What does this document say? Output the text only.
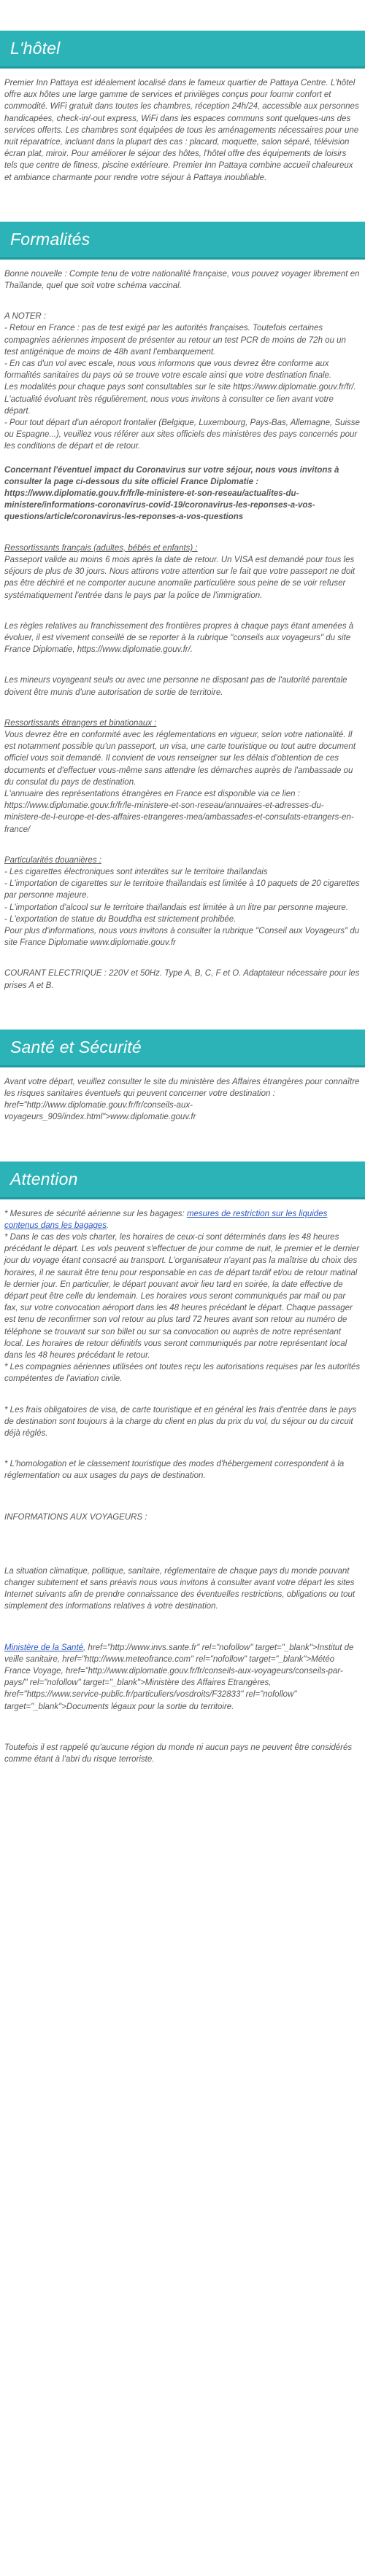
L'hôtel

Premier Inn Pattaya est idéalement localisé dans le fameux quartier de Pattaya Centre. L'hôtel offre aux hôtes une large gamme de services et privilèges conçus pour fournir confort et commodité. WiFi gratuit dans toutes les chambres, réception 24h/24, accessible aux personnes handicapées, check-in/-out express, WiFi dans les espaces communs sont quelques-uns des services offerts. Les chambres sont équipées de tous les aménagements nécessaires pour une nuit réparatrice, incluant dans la plupart des cas : placard, moquette, salon séparé, télévision écran plat, miroir. Pour améliorer le séjour des hôtes, l'hôtel offre des équipements de loisirs tels que centre de fitness, piscine extérieure. Premier Inn Pattaya combine accueil chaleureux et ambiance charmante pour rendre votre séjour à Pattaya inoubliable.

Formalités

Bonne nouvelle : Compte tenu de votre nationalité française, vous pouvez voyager librement en Thaïlande, quel que soit votre schéma vaccinal.

A NOTER :

- Retour en France : pas de test exigé par les autorités françaises. Toutefois certaines compagnies aériennes imposent de présenter au retour un test PCR de moins de 72h ou un test antigénique de moins de 48h avant l'embarquement.

- En cas d'un vol avec escale, nous vous informons que vous devrez être conforme aux formalités sanitaires du pays où se trouve votre escale ainsi que votre destination finale.

Les modalités pour chaque pays sont consultables sur le site https://www.diplomatie.gouv.fr/fr/. L'actualité évoluant très régulièrement, nous vous invitons à consulter ce lien avant votre départ.

- Pour tout départ d'un aéroport frontalier (Belgique, Luxembourg, Pays-Bas, Allemagne, Suisse ou Espagne...), veuillez vous référer aux sites officiels des ministères des pays concernés pour les conditions de départ et de retour.

Concernant l'éventuel impact du Coronavirus sur votre séjour, nous vous invitons à consulter la page ci-dessous du site officiel France Diplomatie : https://www.diplomatie.gouv.fr/fr/le-ministere-et-son-reseau/actualites-du-ministere/informations-coronavirus-covid-19/coronavirus-les-reponses-a-vos-questions/article/coronavirus-les-reponses-a-vos-questions

Ressortissants français (adultes, bébés et enfants) :

Passeport valide au moins 6 mois après la date de retour. Un VISA est demandé pour tous les séjours de plus de 30 jours. Nous attirons votre attention sur le fait que votre passeport ne doit pas être déchiré et ne comporter aucune anomalie particulière sous peine de se voir refuser systématiquement l'entrée dans le pays par la police de l'immigration.

Les règles relatives au franchissement des frontières propres à chaque pays étant amenées à évoluer, il est vivement conseillé de se reporter à la rubrique "conseils aux voyageurs" du site France Diplomatie, https://www.diplomatie.gouv.fr/.

Les mineurs voyageant seuls ou avec une personne ne disposant pas de l'autorité parentale doivent être munis d'une autorisation de sortie de territoire.

Ressortissants étrangers et binationaux :

Vous devrez être en conformité avec les réglementations en vigueur, selon votre nationalité. Il est notamment possible qu'un passeport, un visa, une carte touristique ou tout autre document officiel vous soit demandé. Il convient de vous renseigner sur les délais d'obtention de ces documents et d'effectuer vous-même sans attendre les démarches auprès de l'ambassade ou du consulat du pays de destination.

L'annuaire des représentations étrangères en France est disponible via ce lien : https://www.diplomatie.gouv.fr/fr/le-ministere-et-son-reseau/annuaires-et-adresses-du-ministere-de-l-europe-et-des-affaires-etrangeres-mea/ambassades-et-consulats-etrangers-en-france/

Particularités douanières :

- Les cigarettes électroniques sont interdites sur le territoire thaïlandais

- L'importation de cigarettes sur le territoire thaïlandais est limitée à 10 paquets de 20 cigarettes par personne majeure.

- L'importation d'alcool sur le territoire thaïlandais est limitée à un litre par personne majeure.

- L'exportation de statue du Bouddha est strictement prohibée.

Pour plus d'informations, nous vous invitons à consulter la rubrique "Conseil aux Voyageurs" du site France Diplomatie www.diplomatie.gouv.fr

COURANT ELECTRIQUE : 220V et 50Hz. Type A, B, C, F et O. Adaptateur nécessaire pour les prises A et B.

Santé et Sécurité

Avant votre départ, veuillez consulter le site du ministère des Affaires étrangères pour connaître les risques sanitaires éventuels qui peuvent concerner votre destination : href="http://www.diplomatie.gouv.fr/fr/conseils-aux-voyageurs_909/index.html">www.diplomatie.gouv.fr

Attention

* Mesures de sécurité aérienne sur les bagages: mesures de restriction sur les liquides contenus dans les bagages.

* Dans le cas des vols charter, les horaires de ceux-ci sont déterminés dans les 48 heures précédant le départ. Les vols peuvent s'effectuer de jour comme de nuit, le premier et le dernier jour du voyage étant consacré au transport. L'organisateur n'ayant pas la maîtrise du choix des horaires, il ne saurait être tenu pour responsable en cas de départ tardif et/ou de retour matinal le dernier jour. En particulier, le départ pouvant avoir lieu tard en soirée, la date effective de départ peut être celle du lendemain. Les horaires vous seront communiqués par mail ou par fax, sur votre convocation aéroport dans les 48 heures précédant le départ. Chaque passager est tenu de reconfirmer son vol retour au plus tard 72 heures avant son retour au numéro de téléphone se trouvant sur son billet ou sur sa convocation ou auprès de notre représentant local. Les horaires de retour définitifs vous seront communiqués par notre représentant local dans les 48 heures précédant le retour.

* Les compagnies aériennes utilisées ont toutes reçu les autorisations requises par les autorités compétentes de l'aviation civile.

* Les frais obligatoires de visa, de carte touristique et en général les frais d'entrée dans le pays de destination sont toujours à la charge du client en plus du prix du vol, du séjour ou du circuit déjà réglés.

* L'homologation et le classement touristique des modes d'hébergement correspondent à la réglementation ou aux usages du pays de destination.

INFORMATIONS AUX VOYAGEURS :

La situation climatique, politique, sanitaire, réglementaire de chaque pays du monde pouvant changer subitement et sans préavis nous vous invitons à consulter avant votre départ les sites Internet suivants afin de prendre connaissance des éventuelles restrictions, obligations ou tout simplement des informations relatives à votre destination.

Ministère de la Santé, href="http://www.invs.sante.fr" rel="nofollow" target="_blank">Institut de veille sanitaire, href="http://www.meteofrance.com" rel="nofollow" target="_blank">Météo France Voyage, href="http://www.diplomatie.gouv.fr/fr/conseils-aux-voyageurs/conseils-par-pays/" rel="nofollow" target="_blank">Ministère des Affaires Etrangères, href="https://www.service-public.fr/particuliers/vosdroits/F32833" rel="nofollow" target="_blank">Documents légaux pour la sortie du territoire.

Toutefois il est rappelé qu'aucune région du monde ni aucun pays ne peuvent être considérés comme étant à l'abri du risque terroriste.
